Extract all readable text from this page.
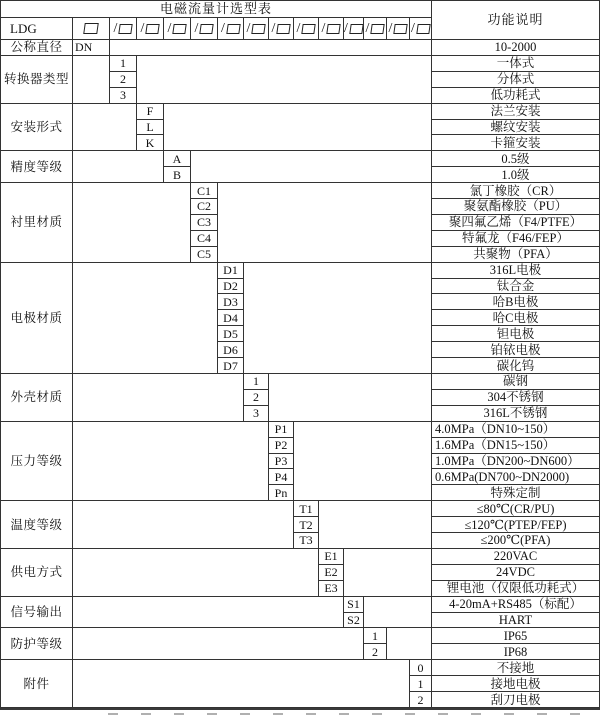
电磁流量计选型表
功能说明
LDG	/ / / / / / / / / / / / /
公称直径	DN	10-2000
转换器类型
1	一体式
2	分体式
3	低功耗式
安装形式
F	法兰安装
L	螺纹安装
K	卡箍安装
精度等级
A	0.5级
B	1.0级
衬里材质
C1	氯丁橡胶（CR）
C2	聚氨酯橡胶（PU）
C3	聚四氟乙烯（F4/PTFE）
C4	特氟龙（F46/FEP）
C5	共聚物（PFA）
电极材质
D1	316L电极
D2	钛合金
D3	哈B电极
D4	哈C电极
D5	钽电极
D6	铂铱电极
D7	碳化钨
外壳材质
1	碳钢
2	304不锈钢
3	316L不锈钢
压力等级
P1	4.0MPa（DN10~150）
P2	1.6MPa（DN15~150）
P3	1.0MPa（DN200~DN600）
P4	0.6MPa(DN700~DN2000)
Pn	特殊定制
温度等级
T1	≤80℃(CR/PU)
T2	≤120℃(PTEP/FEP)
T3	≤200℃(PFA)
供电方式
E1	220VAC
E2	24VDC
E3	锂电池（仅限低功耗式）
信号输出
S1	4-20mA+RS485（标配）
S2	HART
防护等级
1	IP65
2	IP68
附件
0	不接地
1	接地电极
2	刮刀电极
